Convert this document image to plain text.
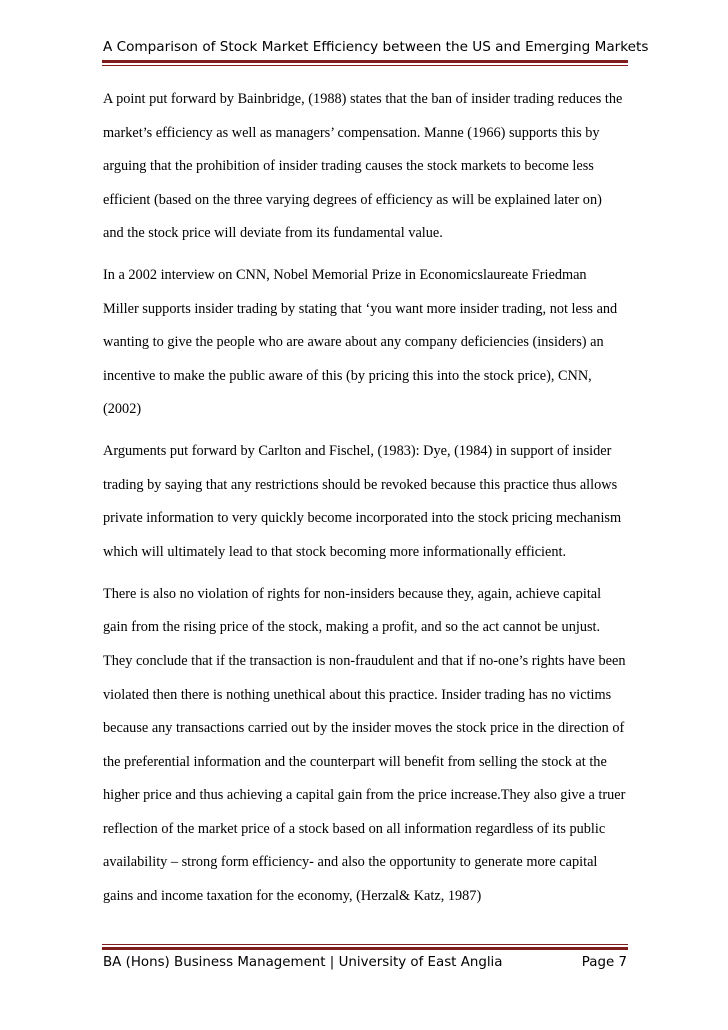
A Comparison of Stock Market Efficiency between the US and Emerging Markets
A point put forward by Bainbridge, (1988) states that the ban of insider trading reduces the
market’s efficiency as well as managers’ compensation. Manne (1966) supports this by
arguing that the prohibition of insider trading causes the stock markets to become less
efficient (based on the three varying degrees of efficiency as will be explained later on)
and the stock price will deviate from its fundamental value.
In a 2002 interview on CNN, Nobel Memorial Prize in Economicslaureate Friedman
Miller supports insider trading by stating that ‘you want more insider trading, not less and
wanting to give the people who are aware about any company deficiencies (insiders) an
incentive to make the public aware of this (by pricing this into the stock price), CNN,
(2002)
Arguments put forward by Carlton and Fischel, (1983): Dye, (1984) in support of insider
trading by saying that any restrictions should be revoked because this practice thus allows
private information to very quickly become incorporated into the stock pricing mechanism
which will ultimately lead to that stock becoming more informationally efficient.
There is also no violation of rights for non-insiders because they, again, achieve capital
gain from the rising price of the stock, making a profit, and so the act cannot be unjust.
They conclude that if the transaction is non-fraudulent and that if no-one’s rights have been
violated then there is nothing unethical about this practice. Insider trading has no victims
because any transactions carried out by the insider moves the stock price in the direction of
the preferential information and the counterpart will benefit from selling the stock at the
higher price and thus achieving a capital gain from the price increase.They also give a truer
reflection of the market price of a stock based on all information regardless of its public
availability – strong form efficiency- and also the opportunity to generate more capital
gains and income taxation for the economy, (Herzal& Katz, 1987)
BA (Hons) Business Management | University of East Anglia	Page 7
